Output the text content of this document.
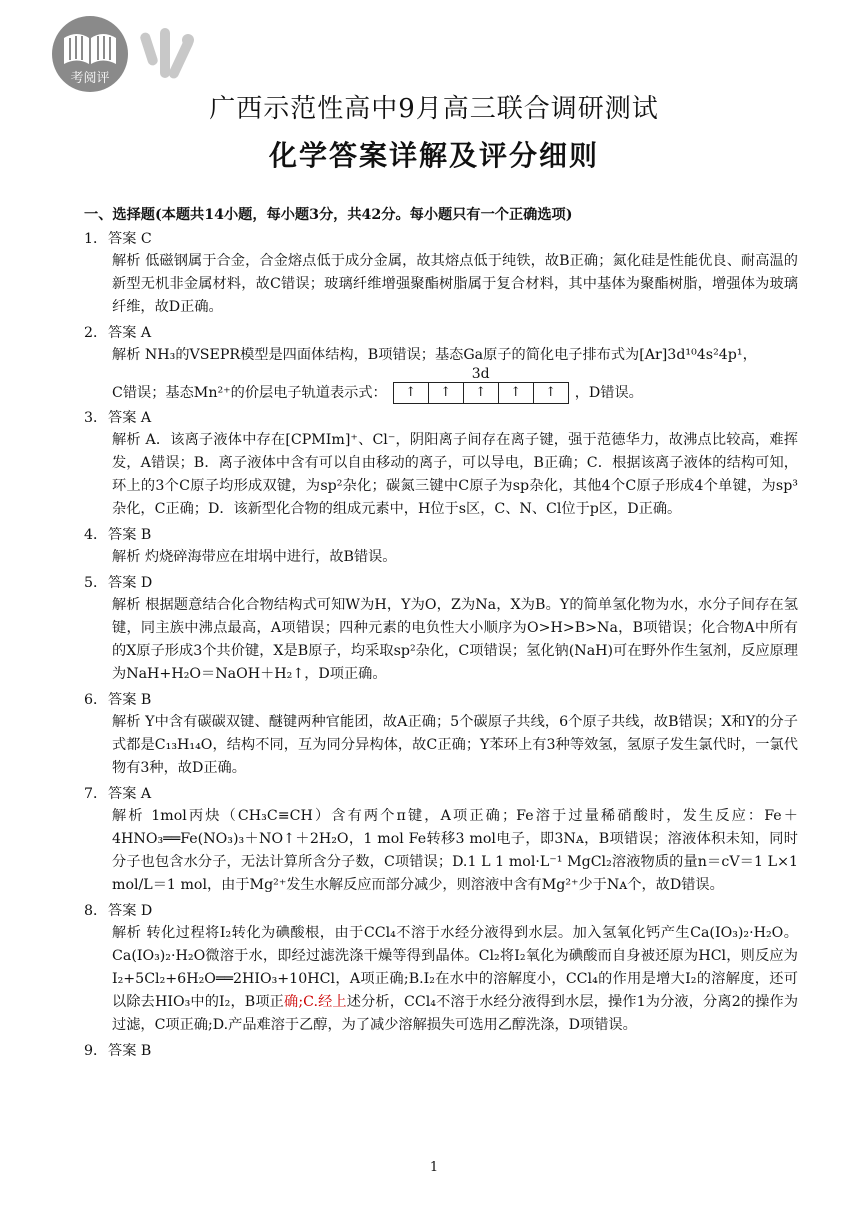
考阅评
广西示范性高中9月高三联合调研测试
化学答案详解及评分细则
一、选择题(本题共14小题，每小题3分，共42分。每小题只有一个正确选项)
1．答案 C
解析 低磁钢属于合金，合金熔点低于成分金属，故其熔点低于纯铁，故B正确；氮化硅是性能优良、耐高温的新型无机非金属材料，故C错误；玻璃纤维增强聚酯树脂属于复合材料，其中基体为聚酯树脂，增强体为玻璃纤维，故D正确。
2．答案 A
解析 NH₃的VSEPR模型是四面体结构，B项错误；基态Ga原子的简化电子排布式为[Ar]3d¹⁰4s²4p¹，
C错误；基态Mn²⁺的价层电子轨道表示式：
3d
↑	↑	↑	↑	↑	，D错误。
3．答案 A
解析 A．该离子液体中存在[CPMIm]⁺、Cl⁻，阴阳离子间存在离子键，强于范德华力，故沸点比较高，难挥发，A错误；B．离子液体中含有可以自由移动的离子，可以导电，B正确；C．根据该离子液体的结构可知，环上的3个C原子均形成双键，为sp²杂化；碳氮三键中C原子为sp杂化，其他4个C原子形成4个单键，为sp³杂化，C正确；D．该新型化合物的组成元素中，H位于s区，C、N、Cl位于p区，D正确。
4．答案 B
解析 灼烧碎海带应在坩埚中进行，故B错误。
5．答案 D
解析 根据题意结合化合物结构式可知W为H，Y为O，Z为Na，X为B。Y的简单氢化物为水，水分子间存在氢键，同主族中沸点最高，A项错误；四种元素的电负性大小顺序为O>H>B>Na，B项错误；化合物A中所有的X原子形成3个共价键，X是B原子，均采取sp²杂化，C项错误；氢化钠(NaH)可在野外作生氢剂，反应原理为NaH+H₂O＝NaOH＋H₂↑，D项正确。
6．答案 B
解析 Y中含有碳碳双键、醚键两种官能团，故A正确；5个碳原子共线，6个原子共线，故B错误；X和Y的分子式都是C₁₃H₁₄O，结构不同，互为同分异构体，故C正确；Y苯环上有3种等效氢，氢原子发生氯代时，一氯代物有3种，故D正确。
7．答案 A
解析 1mol丙炔（CH₃C≡CH）含有两个π键，A项正确；Fe溶于过量稀硝酸时，发生反应：Fe＋4HNO₃══Fe(NO₃)₃＋NO↑＋2H₂O，1 mol Fe转移3 mol电子，即3Nᴀ，B项错误；溶液体积未知，同时分子也包含水分子，无法计算所含分子数，C项错误；D.1 L 1 mol·L⁻¹ MgCl₂溶液物质的量n＝cV＝1 L×1 mol/L＝1 mol，由于Mg²⁺发生水解反应而部分减少，则溶液中含有Mg²⁺少于Nᴀ个，故D错误。
8．答案 D
解析 转化过程将I₂转化为碘酸根，由于CCl₄不溶于水经分液得到水层。加入氢氧化钙产生Ca(IO₃)₂·H₂O。Ca(IO₃)₂·H₂O微溶于水，即经过滤洗涤干燥等得到晶体。Cl₂将I₂氧化为碘酸而自身被还原为HCl，则反应为I₂+5Cl₂+6H₂O══2HIO₃+10HCl，A项正确;B.I₂在水中的溶解度小，CCl₄的作用是增大I₂的溶解度，还可以除去HIO₃中的I₂，B项正确;C.经上述分析，CCl₄不溶于水经分液得到水层，操作1为分液，分离2的操作为过滤，C项正确;D.产品难溶于乙醇，为了减少溶解损失可选用乙醇洗涤，D项错误。
9．答案 B
1
